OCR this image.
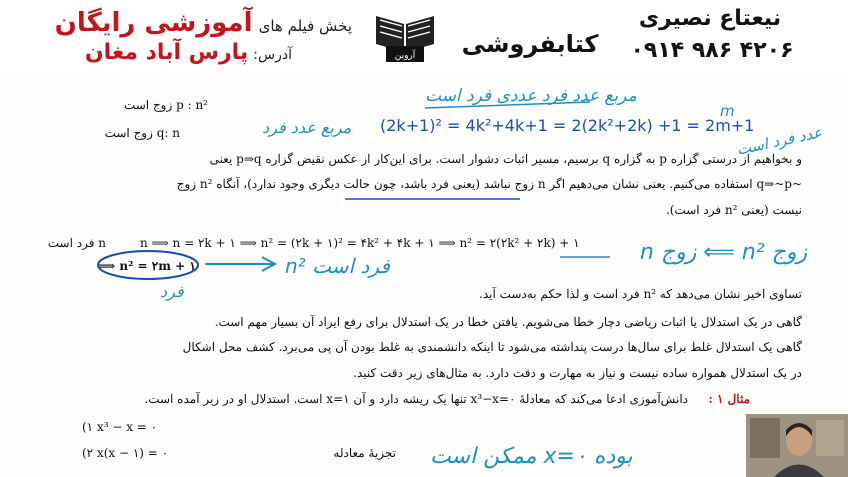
پخش فیلم های آموزشی رایگان
آدرس: پارس آباد مغان	آروین	کتابفروشی
نیعتاع نصیری
۰۹۱۴ ۹۸۶ ۴۲۰۶
p : n² زوج است
q: n زوج است
و بخواهیم از درستی گزاره p به گزاره q برسیم، مسیر اثبات دشوار است. برای این‌کار از عکس نقیض گزاره p⇒q یعنی
~q⇒~p استفاده می‌کنیم. یعنی نشان می‌دهیم اگر n زوج نباشد (یعنی فرد باشد، چون حالت دیگری وجود ندارد)، آنگاه n² زوج
نیست (یعنی n² فرد است).
n فرد است	n ⟹ n = ۲k + ۱ ⟹ n² = (۲k + ۱)² = ۴k² + ۴k + ۱ ⟹ n² = ۲(۲k² + ۲k) + ۱
⟹ n² = ۲m + ۱
تساوی اخیر نشان می‌دهد که n² فرد است و لذا حکم به‌دست آید.
گاهی در یک استدلال یا اثبات ریاضی دچار خطا می‌شویم. یافتن خطا در یک استدلال برای رفع ایراد آن بسیار مهم است.
گاهی یک استدلال غلط برای سال‌ها درست پنداشته می‌شود تا اینکه دانشمندی به غلط بودن آن پی می‌برد. کشف محل اشکال
در یک استدلال همواره ساده نیست و نیاز به مهارت و دقت دارد. به مثال‌های زیر دقت کنید.
مثال ۱ :
دانش‌آموزی ادعا می‌کند که معادلهٔ x³−x=۰ تنها یک ریشه دارد و آن x=۱ است. استدلال او در زیر آمده است.
(۱ x³ − x = ۰
(۲ x(x − ۱) = ۰	تجزیهٔ معادله
مربع عدد فرد عددی فرد است
مربع عدد فرد (2k+1)² = 4k²+4k+1 = 2(2k²+2k) +1 = 2m+1
m
عدد فرد است
n زوج ⟸ n² زوج
n² فرد است
فرد
ممکن است x=۰ بوده
